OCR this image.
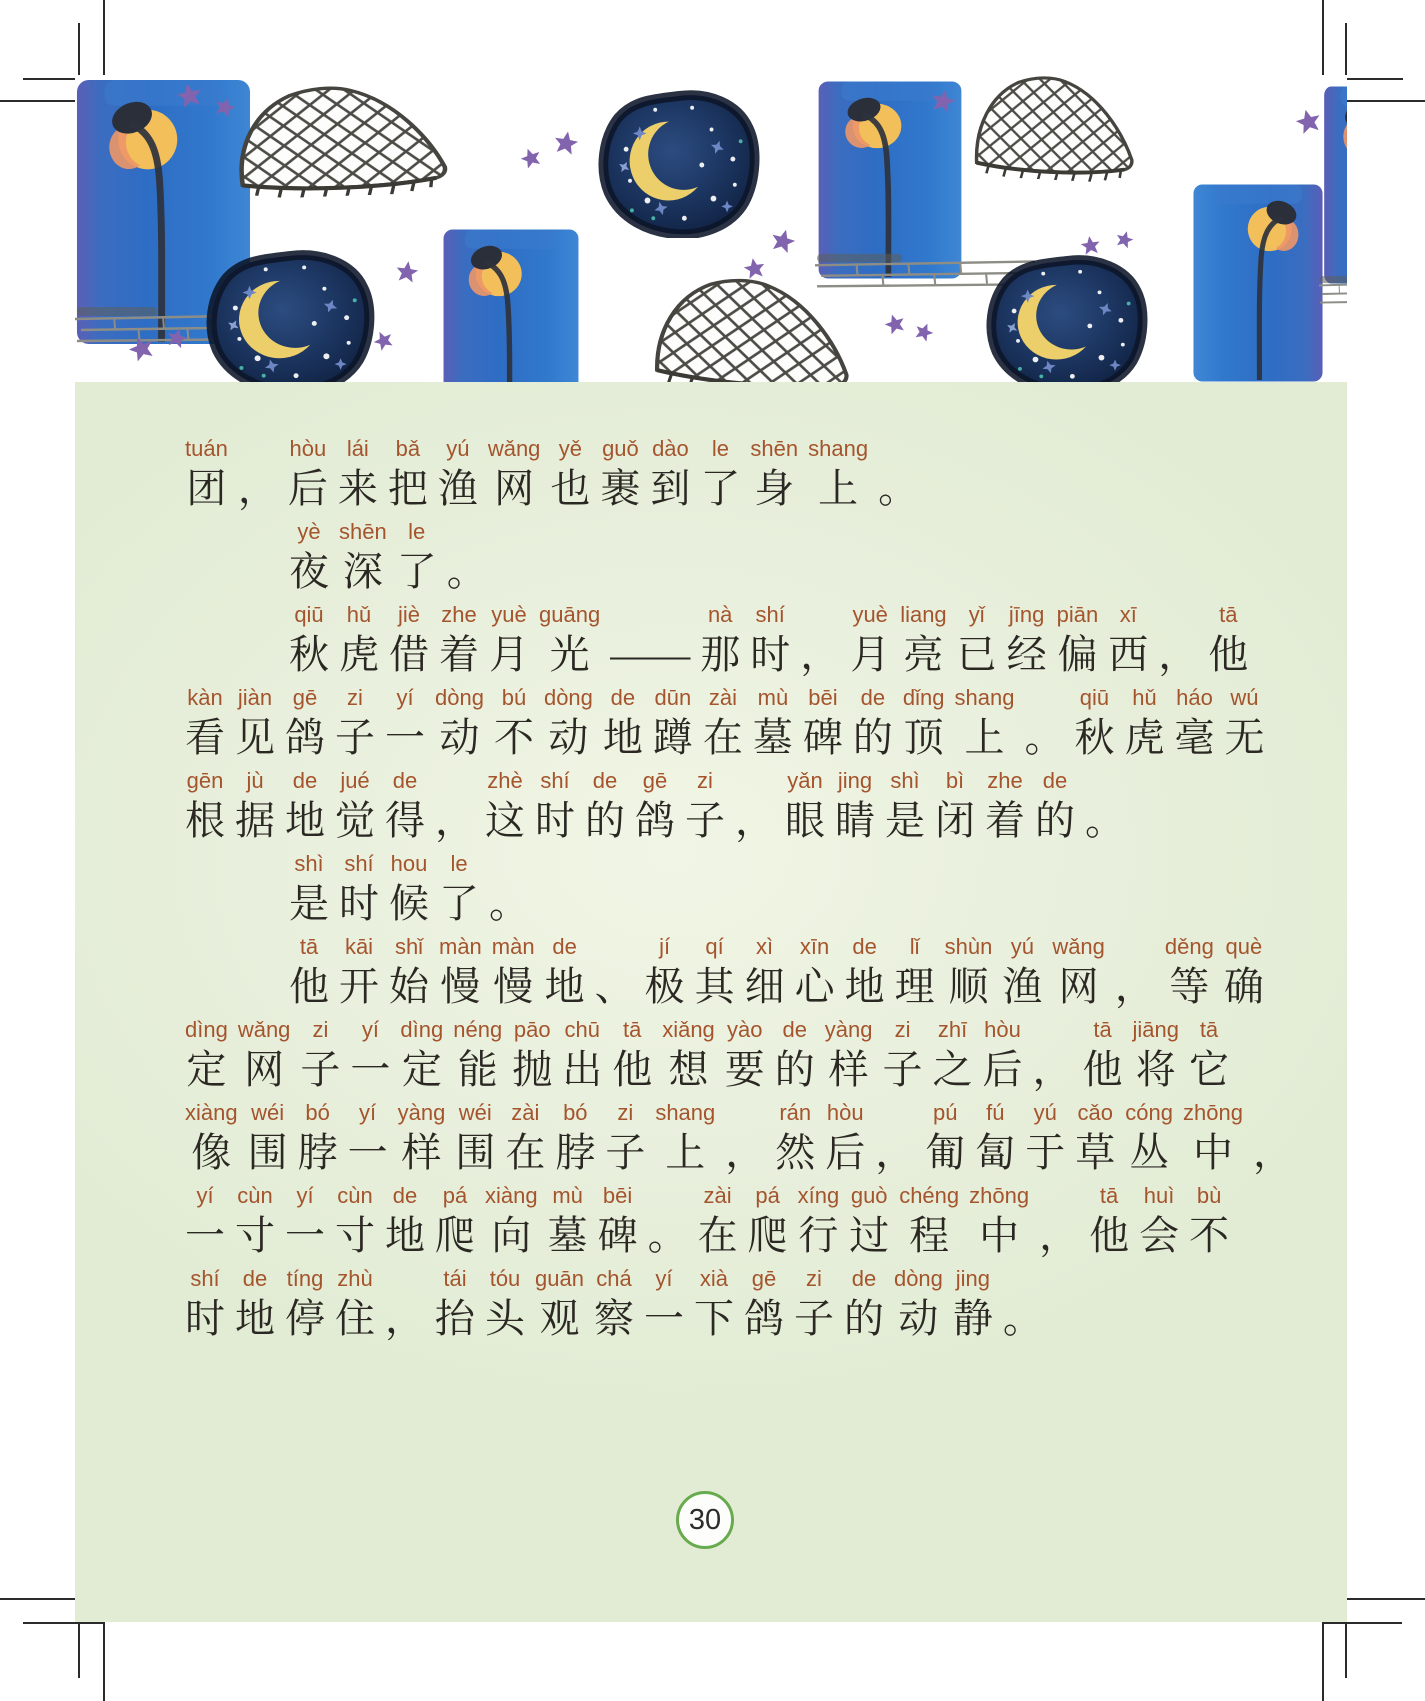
tuán
团 ，
hòu
后
lái
来
bǎ
把
yú
渔
wǎng
网
yě
也
guǒ
裹
dào
到
le
了
shēn
身
shang
上 。
yè
夜
shēn
深
le
了 。
qiū
秋
hǔ
虎
jiè
借
zhe
着
yuè
月
guāng
光 ——
nà
那
shí
时 ，
yuè
月
liang
亮
yǐ
已
jīng
经
piān
偏
xī
西 ，
tā
他
kàn
看
jiàn
见
gē
鸽
zi
子
yí
一
dòng
动
bú
不
dòng
动
de
地
dūn
蹲
zài
在
mù
墓
bēi
碑
de
的
dǐng
顶
shang
上 。
qiū
秋
hǔ
虎
háo
毫
wú
无
gēn
根
jù
据
de
地
jué
觉
de
得 ，
zhè
这
shí
时
de
的
gē
鸽
zi
子 ，
yǎn
眼
jing
睛
shì
是
bì
闭
zhe
着
de
的 。
shì
是
shí
时
hou
候
le
了 。
tā
他
kāi
开
shǐ
始
màn
慢
màn
慢
de
地 、
jí
极
qí
其
xì
细
xīn
心
de
地
lǐ
理
shùn
顺
yú
渔
wǎng
网 ，
děng
等
què
确
dìng
定
wǎng
网
zi
子
yí
一
dìng
定
néng
能
pāo
抛
chū
出
tā
他
xiǎng
想
yào
要
de
的
yàng
样
zi
子
zhī
之
hòu
后 ，
tā
他
jiāng
将
tā
它
xiàng
像
wéi
围
bó
脖
yí
一
yàng
样
wéi
围
zài
在
bó
脖
zi
子
shang
上 ，
rán
然
hòu
后 ，
pú
匍
fú
匐
yú
于
cǎo
草
cóng
丛
zhōng
中 ，
yí
一
cùn
寸
yí
一
cùn
寸
de
地
pá
爬
xiàng
向
mù
墓
bēi
碑 。
zài
在
pá
爬
xíng
行
guò
过
chéng
程
zhōng
中 ，
tā
他
huì
会
bù
不
shí
时
de
地
tíng
停
zhù
住 ，
tái
抬
tóu
头
guān
观
chá
察
yí
一
xià
下
gē
鸽
zi
子
de
的
dòng
动
jing
静 。
30
